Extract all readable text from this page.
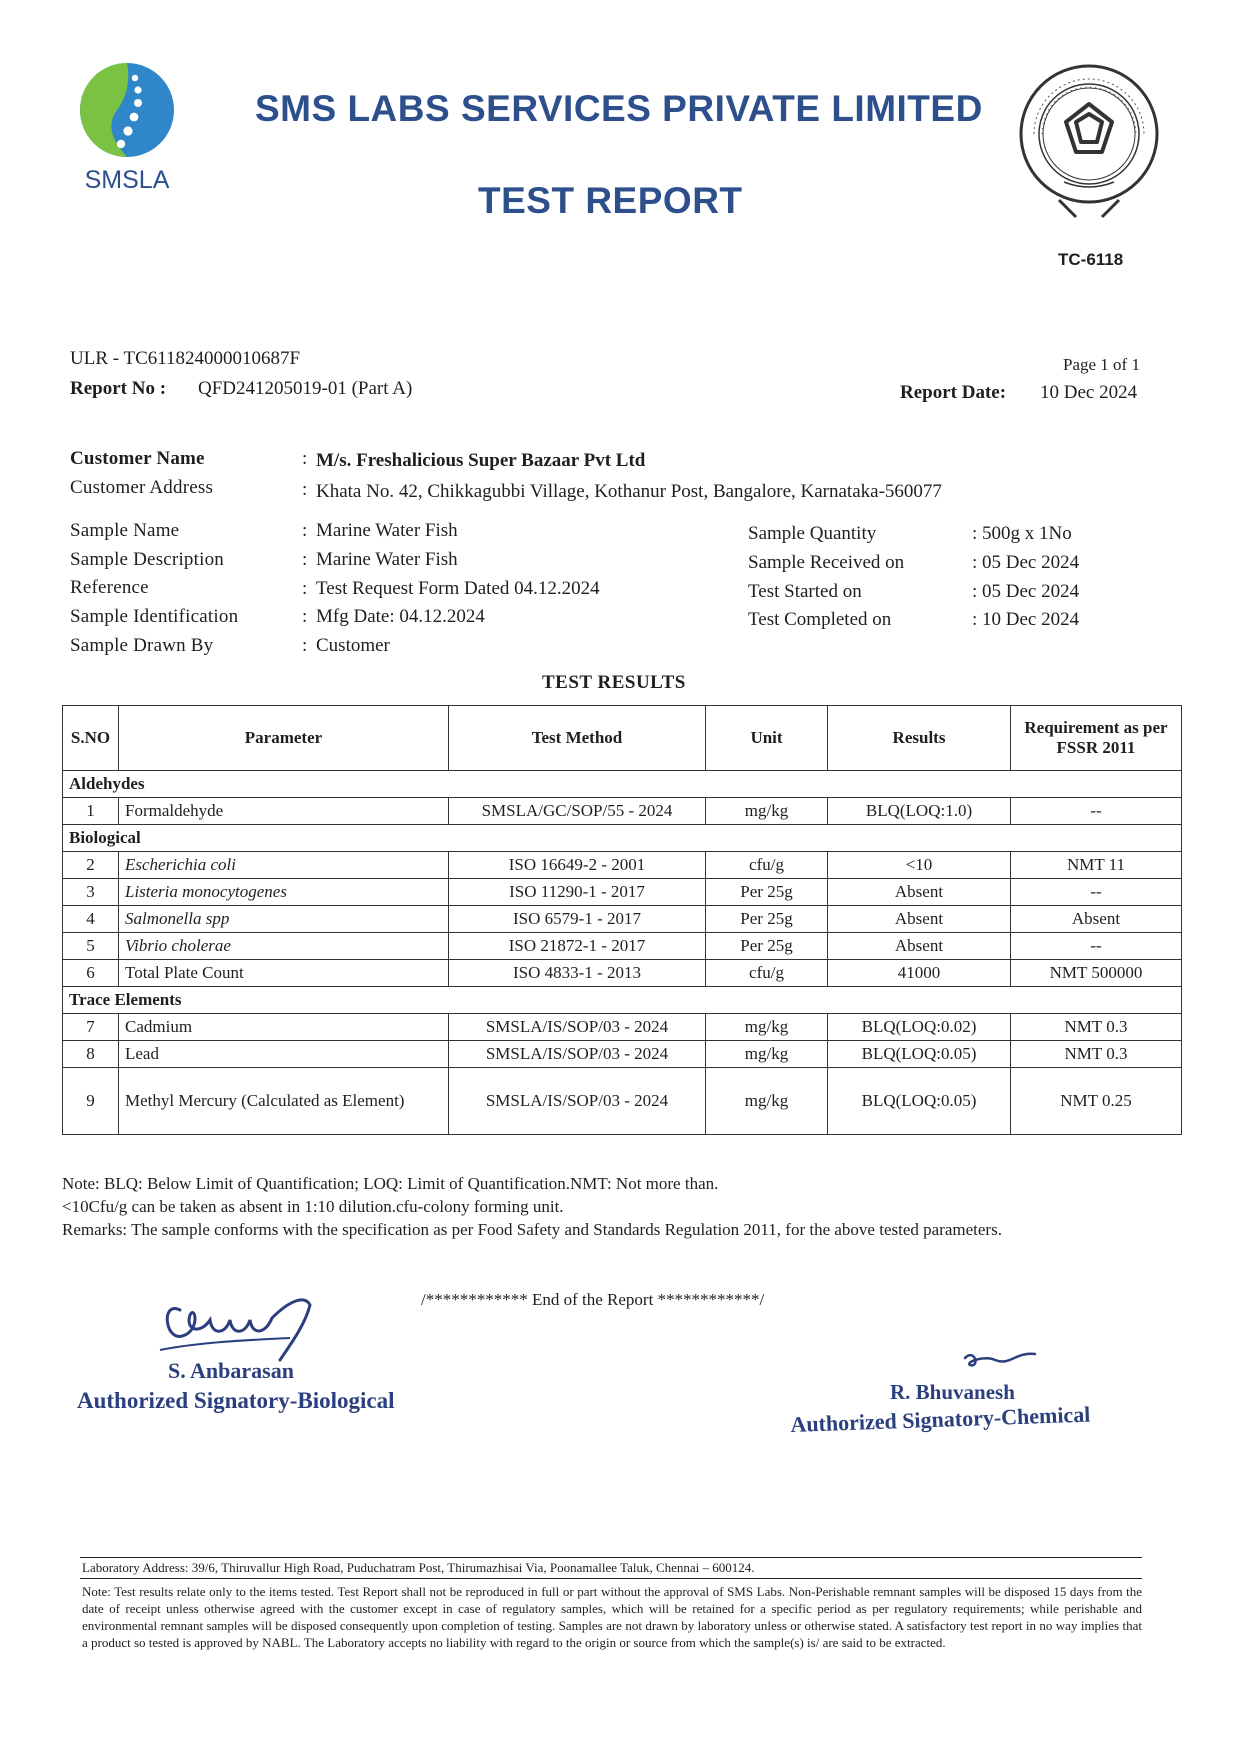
SMSLA
SMS LABS SERVICES PRIVATE LIMITED
TEST REPORT
TC-6118
ULR - TC611824000010687F
Report No : QFD241205019-01 (Part A)
Page 1 of 1
Report Date: 10 Dec 2024
Customer Name	: M/s. Freshalicious Super Bazaar Pvt Ltd
Customer Address	: Khata No. 42, Chikkagubbi Village, Kothanur Post, Bangalore, Karnataka-560077
Sample Name	: Marine Water Fish
Sample Description	: Marine Water Fish
Reference	: Test Request Form Dated 04.12.2024
Sample Identification	: Mfg Date: 04.12.2024
Sample Drawn By	: Customer
Sample Quantity	: 500g x 1No
Sample Received on	: 05 Dec 2024
Test Started on	: 05 Dec 2024
Test Completed on	: 10 Dec 2024
TEST RESULTS
S.NO	Parameter	Test Method	Unit	Results	Requirement as per FSSR 2011
Aldehydes					
1	Formaldehyde	SMSLA/GC/SOP/55 - 2024	mg/kg	BLQ(LOQ:1.0)	--
Biological					
2	Escherichia coli	ISO 16649-2 - 2001	cfu/g	<10	NMT 11
3	Listeria monocytogenes	ISO 11290-1 - 2017	Per 25g	Absent	--
4	Salmonella spp	ISO 6579-1 - 2017	Per 25g	Absent	Absent
5	Vibrio cholerae	ISO 21872-1 - 2017	Per 25g	Absent	--
6	Total Plate Count	ISO 4833-1 - 2013	cfu/g	41000	NMT 500000
Trace Elements					
7	Cadmium	SMSLA/IS/SOP/03 - 2024	mg/kg	BLQ(LOQ:0.02)	NMT 0.3
8	Lead	SMSLA/IS/SOP/03 - 2024	mg/kg	BLQ(LOQ:0.05)	NMT 0.3
9	Methyl Mercury (Calculated as Element)	SMSLA/IS/SOP/03 - 2024	mg/kg	BLQ(LOQ:0.05)	NMT 0.25
Note: BLQ: Below Limit of Quantification; LOQ: Limit of Quantification.NMT: Not more than.
<10Cfu/g can be taken as absent in 1:10 dilution.cfu-colony forming unit.
Remarks: The sample conforms with the specification as per Food Safety and Standards Regulation 2011, for the above tested parameters.
/************ End of the Report ************/
S. Anbarasan
Authorized Signatory-Biological	R. Bhuvanesh
Authorized Signatory-Chemical
Laboratory Address: 39/6, Thiruvallur High Road, Puduchatram Post, Thirumazhisai Via, Poonamallee Taluk, Chennai – 600124.
Note: Test results relate only to the items tested. Test Report shall not be reproduced in full or part without the approval of SMS Labs. Non-Perishable remnant samples will be disposed 15 days from the date of receipt unless otherwise agreed with the customer except in case of regulatory samples, which will be retained for a specific period as per regulatory requirements; while perishable and environmental remnant samples will be disposed consequently upon completion of testing. Samples are not drawn by laboratory unless or otherwise stated. A satisfactory test report in no way implies that a product so tested is approved by NABL. The Laboratory accepts no liability with regard to the origin or source from which the sample(s) is/ are said to be extracted.
